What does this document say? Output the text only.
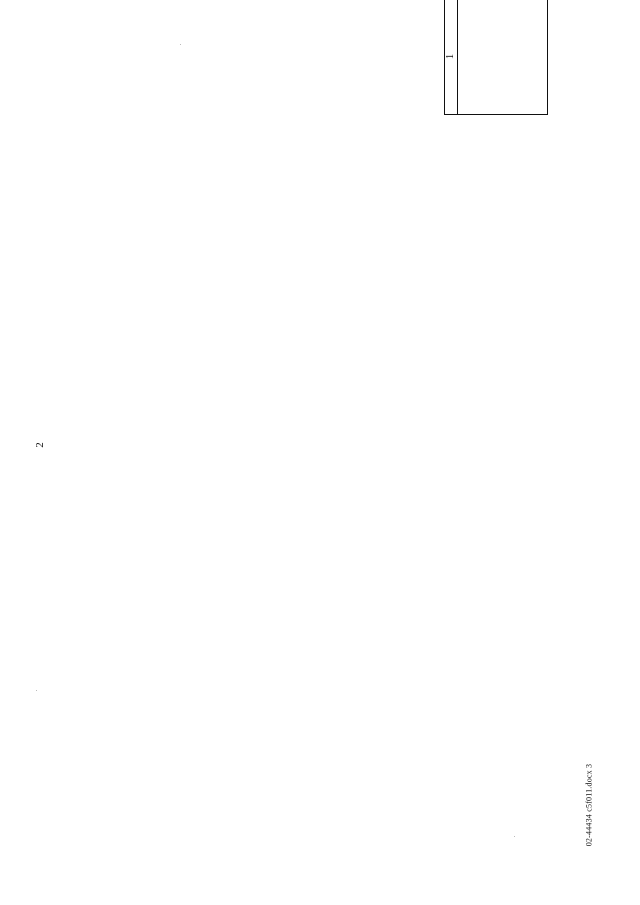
2
1				

02-44434 c5f011.docx 3
